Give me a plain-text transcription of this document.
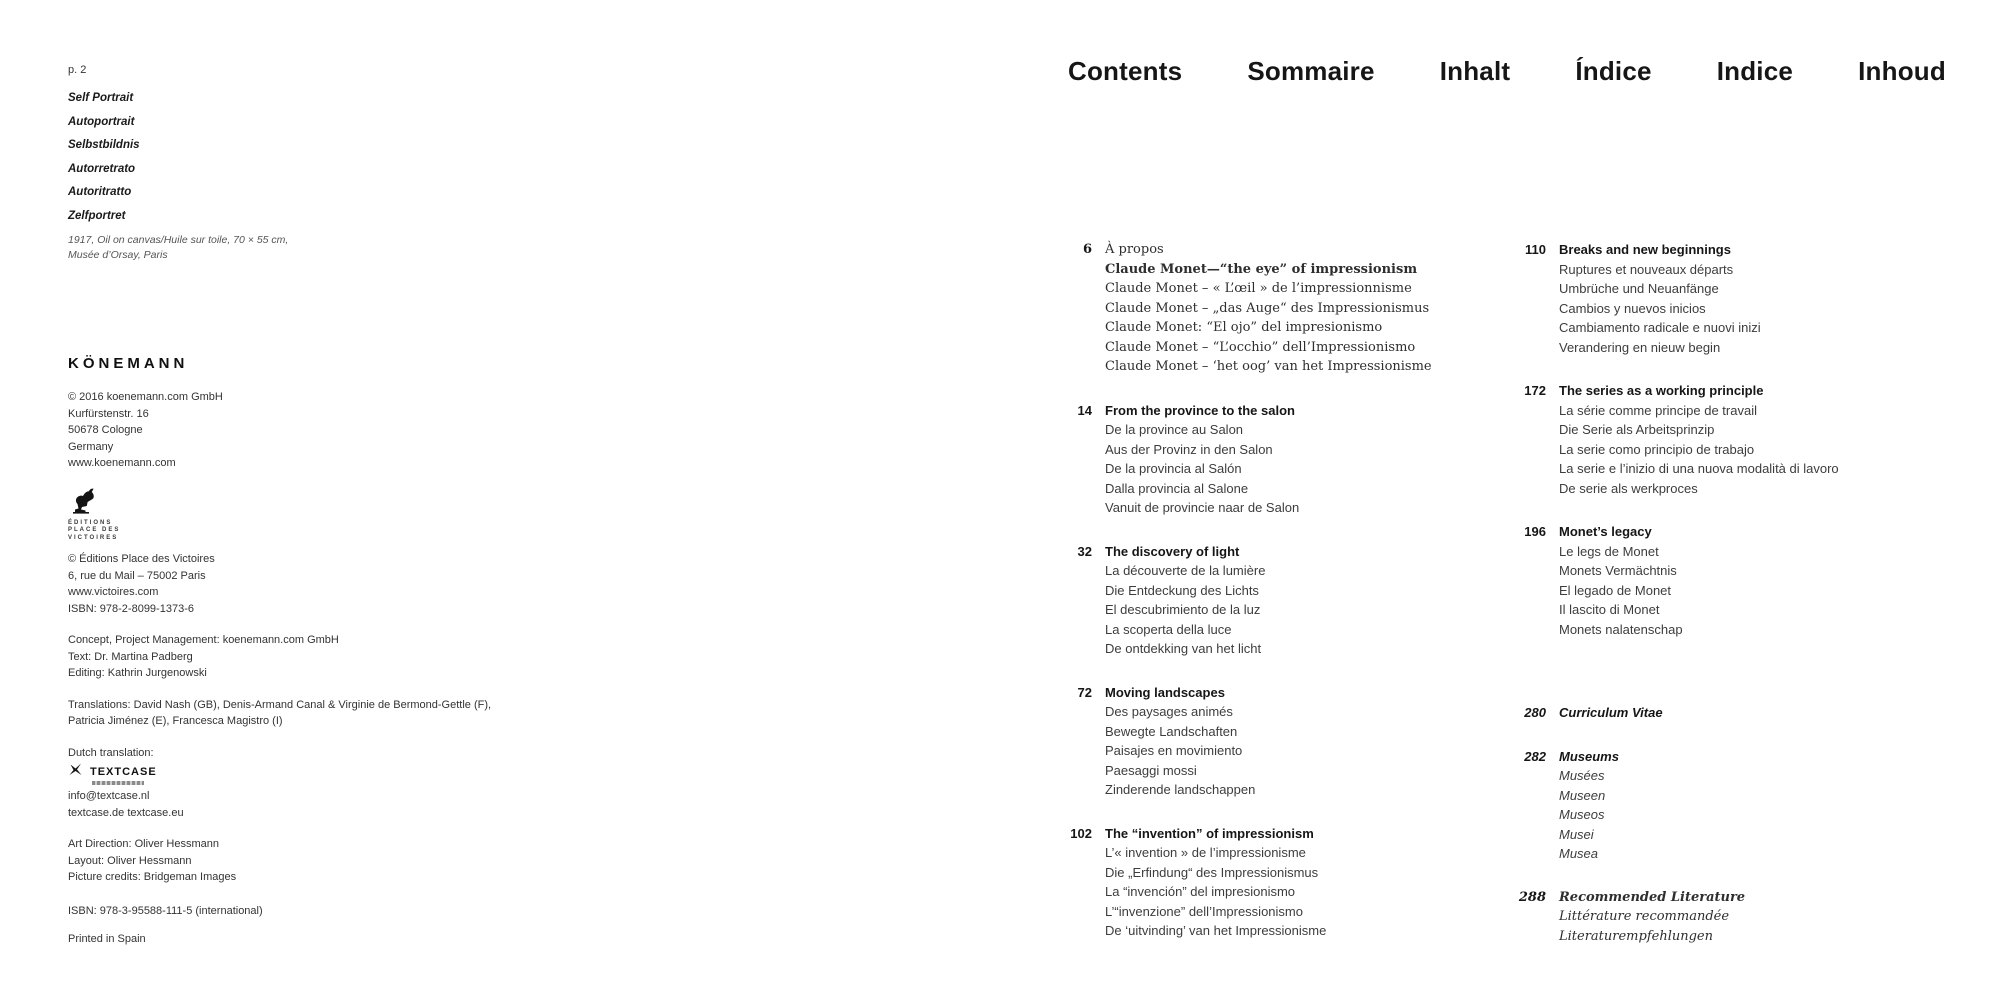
p. 2
Self Portrait
Autoportrait
Selbstbildnis
Autorretrato
Autoritratto
Zelfportret
1917, Oil on canvas/Huile sur toile, 70 × 55 cm,
Musée d’Orsay, Paris
KÖNEMANN
© 2016 koenemann.com GmbH
Kurfürstenstr. 16
50678 Cologne
Germany
www.koenemann.com
ÉDITIONS
PLACE DES
VICTOIRES
© Éditions Place des Victoires
6, rue du Mail – 75002 Paris
www.victoires.com
ISBN: 978-2-8099-1373-6
Concept, Project Management: koenemann.com GmbH
Text: Dr. Martina Padberg
Editing: Kathrin Jurgenowski
Translations: David Nash (GB), Denis-Armand Canal & Virginie de Bermond-Gettle (F),
Patricia Jiménez (E), Francesca Magistro (I)
Dutch translation:
TEXTCASE
info@textcase.nl
textcase.de textcase.eu
Art Direction: Oliver Hessmann
Layout: Oliver Hessmann
Picture credits: Bridgeman Images
ISBN: 978-3-95588-111-5 (international)
Printed in Spain
Contents	Sommaire	Inhalt	Índice	Indice	Inhoud
6 À propos
Claude Monet—“the eye” of impressionism
Claude Monet – « L’œil » de l’impressionnisme
Claude Monet – „das Auge“ des Impressionismus
Claude Monet: “El ojo” del impresionismo
Claude Monet – “L’occhio” dell’Impressionismo
Claude Monet – ‘het oog’ van het Impressionisme
14 From the province to the salon
De la province au Salon
Aus der Provinz in den Salon
De la provincia al Salón
Dalla provincia al Salone
Vanuit de provincie naar de Salon
32 The discovery of light
La découverte de la lumière
Die Entdeckung des Lichts
El descubrimiento de la luz
La scoperta della luce
De ontdekking van het licht
72 Moving landscapes
Des paysages animés
Bewegte Landschaften
Paisajes en movimiento
Paesaggi mossi
Zinderende landschappen
102 The “invention” of impressionism
L’« invention » de l’impressionisme
Die „Erfindung“ des Impressionismus
La “invención” del impresionismo
L’“invenzione” dell’Impressionismo
De ‘uitvinding’ van het Impressionisme
110 Breaks and new beginnings
Ruptures et nouveaux départs
Umbrüche und Neuanfänge
Cambios y nuevos inicios
Cambiamento radicale e nuovi inizi
Verandering en nieuw begin
172 The series as a working principle
La série comme principe de travail
Die Serie als Arbeitsprinzip
La serie como principio de trabajo
La serie e l’inizio di una nuova modalità di lavoro
De serie als werkproces
196 Monet’s legacy
Le legs de Monet
Monets Vermächtnis
El legado de Monet
Il lascito di Monet
Monets nalatenschap
280 Curriculum Vitae
282 Museums
Musées
Museen
Museos
Musei
Musea
288 Recommended Literature
Littérature recommandée
Literaturempfehlungen
